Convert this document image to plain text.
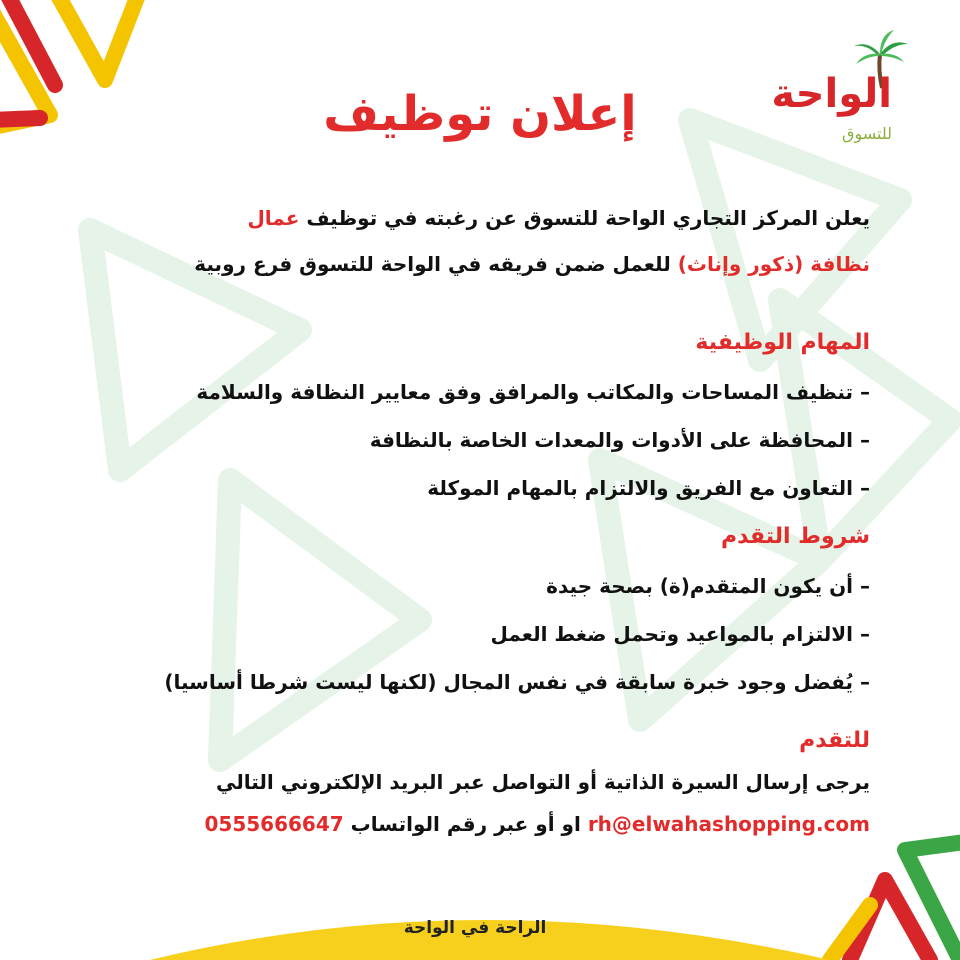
الواحة
للتسوق
إعلان توظيف
يعلن المركز التجاري الواحة للتسوق عن رغبته في توظيف عمال
نظافة (ذكور وإناث) للعمل ضمن فريقه في الواحة للتسوق فرع روبية
المهام الوظيفية
– تنظيف المساحات والمكاتب والمرافق وفق معايير النظافة والسلامة
– المحافظة على الأدوات والمعدات الخاصة بالنظافة
– التعاون مع الفريق والالتزام بالمهام الموكلة
شروط التقدم
– أن يكون المتقدم(ة) بصحة جيدة
– الالتزام بالمواعيد وتحمل ضغط العمل
– يُفضل وجود خبرة سابقة في نفس المجال (لكنها ليست شرطا أساسيا)
للتقدم
يرجى إرسال السيرة الذاتية أو التواصل عبر البريد الإلكتروني التالي
rh@elwahashopping.com او أو عبر رقم الواتساب 0555666647
الراحة في الواحة
